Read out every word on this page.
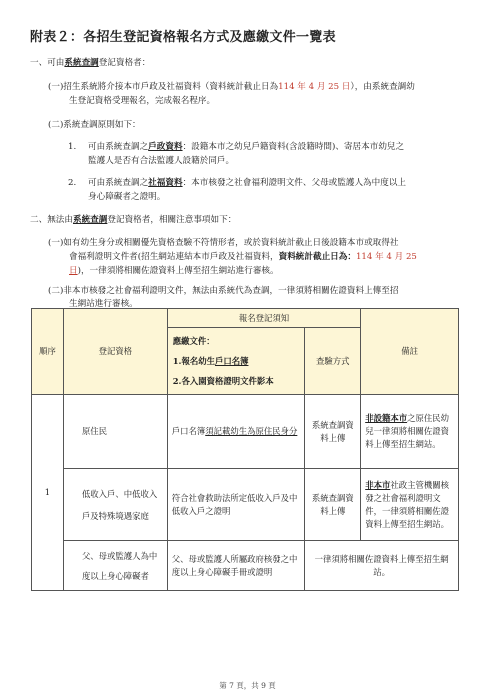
附表２：各招生登記資格報名方式及應繳文件一覽表
一、可由系統查調登記資格者：
(一)招生系統將介接本市戶政及社福資料（資料統計截止日為114 年 4 月 25 日），由系統查調幼
生登記資格受理報名，完成報名程序。
(二)系統查調原則如下：
1. 可由系統查調之戶政資料：設籍本市之幼兒戶籍資料(含設籍時間)、寄居本市幼兒之
監護人是否有合法監護人設籍於同戶。
2. 可由系統查調之社福資料：本市核發之社會福利證明文件、父母或監護人為中度以上
身心障礙者之證明。
二、無法由系統查調登記資格者，相關注意事項如下：
(一)如有幼生身分或相關優先資格查驗不符情形者，或於資料統計截止日後設籍本市或取得社
會福利證明文件者(招生網站連結本市戶政及社福資料，資料統計截止日為：114 年 4 月 25
日)，一律須將相關佐證資料上傳至招生網站進行審核。
(二)非本市核發之社會福利證明文件，無法由系統代為查調，一律須將相關佐證資料上傳至招
生網站進行審核。
順序	登記資格	報名登記須知		備註

		應繳文件：
1.報名幼生戶口名簿
2.各入園資格證明文件影本	查驗方式	
1	原住民	戶口名簿須記載幼生為原住民身分	系統查調資料上傳	非設籍本市之原住民幼兒一律須將相關佐證資料上傳至招生網站。
	低收入戶、中低收入戶及特殊境遇家庭	符合社會救助法所定低收入戶及中低收入戶之證明	系統查調資料上傳	非本市社政主管機關核發之社會福利證明文件，一律須將相關佐證資料上傳至招生網站。
	父、母或監護人為中度以上身心障礙者	父、母或監護人所屬政府核發之中度以上身心障礙手冊或證明	一律須將相關佐證資料上傳至招生網站。	
第 7 頁，共 9 頁
